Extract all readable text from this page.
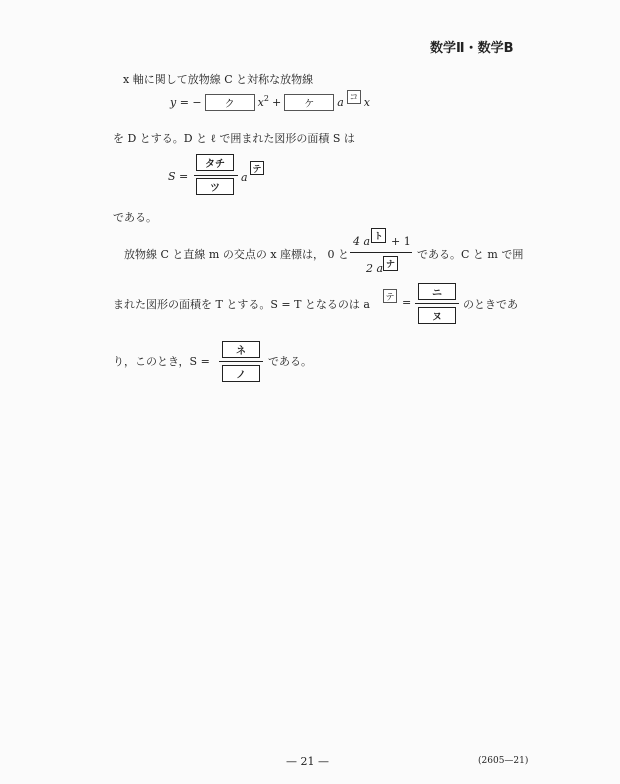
数学Ⅱ・数学B
x 軸に関して放物線 C と対称な放物線
y = −	ク	x 2 +	ケ	a コ x
を D とする。D と ℓ で囲まれた図形の面積 S は
S =
タチ
ツ
a
テ
である。
放物線 C と直線 m の交点の x 座標は， 0 と
4 a ト + 1
2 a ナ
である。C と m で囲
まれた図形の面積を T とする。S = T となるのは a
テ =
ニ
ヌ
のときであ
り，このとき，S =
ネ
ノ
である。
— 21 —	(2605—21)
